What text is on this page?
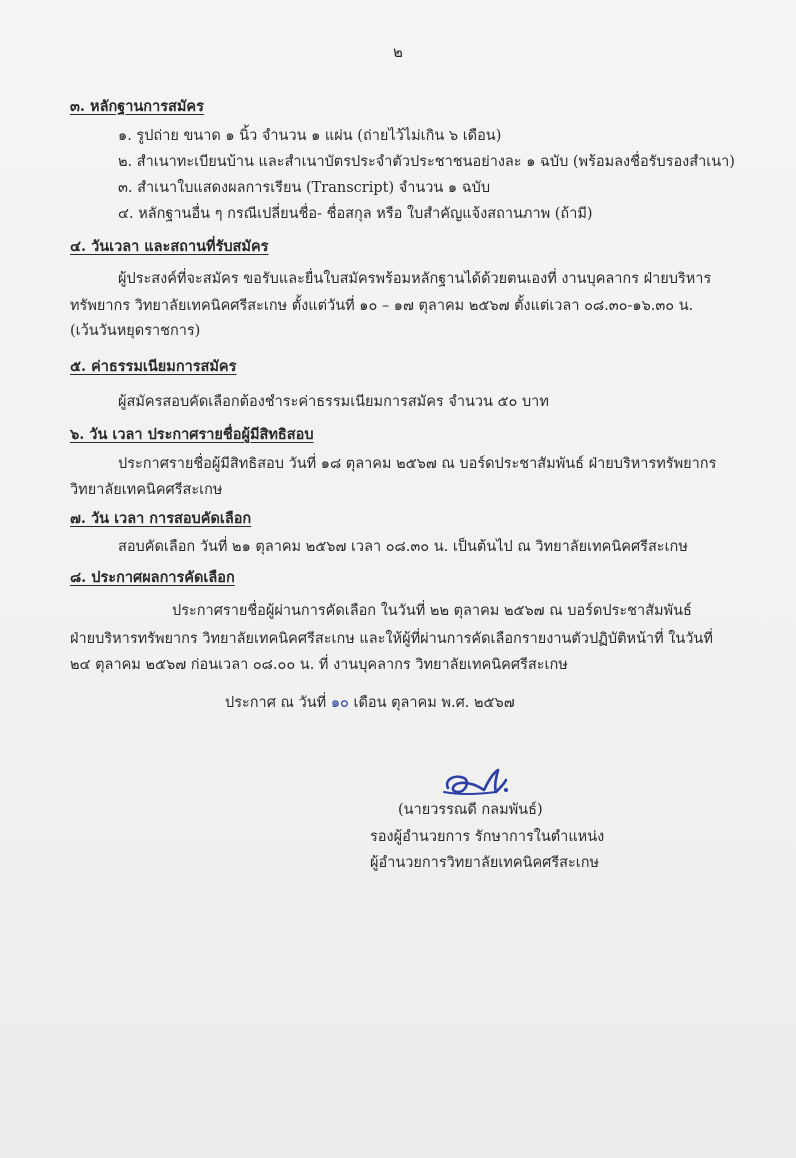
๒
๓. หลักฐานการสมัคร
๑. รูปถ่าย ขนาด ๑ นิ้ว จำนวน ๑ แผ่น (ถ่ายไว้ไม่เกิน ๖ เดือน)
๒. สำเนาทะเบียนบ้าน และสำเนาบัตรประจำตัวประชาชนอย่างละ ๑ ฉบับ (พร้อมลงชื่อรับรองสำเนา)
๓. สำเนาใบแสดงผลการเรียน (Transcript) จำนวน ๑ ฉบับ
๔. หลักฐานอื่น ๆ กรณีเปลี่ยนชื่อ- ชื่อสกุล หรือ ใบสำคัญแจ้งสถานภาพ (ถ้ามี)
๔. วันเวลา และสถานที่รับสมัคร
ผู้ประสงค์ที่จะสมัคร ขอรับและยื่นใบสมัครพร้อมหลักฐานได้ด้วยตนเองที่ งานบุคลากร ฝ่ายบริหาร
ทรัพยากร วิทยาลัยเทคนิคศรีสะเกษ ตั้งแต่วันที่ ๑๐ – ๑๗ ตุลาคม ๒๕๖๗ ตั้งแต่เวลา ๐๘.๓๐-๑๖.๓๐ น.
(เว้นวันหยุดราชการ)
๕. ค่าธรรมเนียมการสมัคร
ผู้สมัครสอบคัดเลือกต้องชำระค่าธรรมเนียมการสมัคร จำนวน ๕๐ บาท
๖. วัน เวลา ประกาศรายชื่อผู้มีสิทธิสอบ
ประกาศรายชื่อผู้มีสิทธิสอบ วันที่ ๑๘ ตุลาคม ๒๕๖๗ ณ บอร์ดประชาสัมพันธ์ ฝ่ายบริหารทรัพยากร
วิทยาลัยเทคนิคศรีสะเกษ
๗. วัน เวลา การสอบคัดเลือก
สอบคัดเลือก วันที่ ๒๑ ตุลาคม ๒๕๖๗ เวลา ๐๘.๓๐ น. เป็นต้นไป ณ วิทยาลัยเทคนิคศรีสะเกษ
๘. ประกาศผลการคัดเลือก
ประกาศรายชื่อผู้ผ่านการคัดเลือก ในวันที่ ๒๒ ตุลาคม ๒๕๖๗ ณ บอร์ดประชาสัมพันธ์
ฝ่ายบริหารทรัพยากร วิทยาลัยเทคนิคศรีสะเกษ และให้ผู้ที่ผ่านการคัดเลือกรายงานตัวปฏิบัติหน้าที่ ในวันที่
๒๔ ตุลาคม ๒๕๖๗ ก่อนเวลา ๐๘.๐๐ น. ที่ งานบุคลากร วิทยาลัยเทคนิคศรีสะเกษ
ประกาศ ณ วันที่ ๑๐ เดือน ตุลาคม พ.ศ. ๒๕๖๗
(นายวรรณดี กลมพันธ์)
รองผู้อำนวยการ รักษาการในตำแหน่ง
ผู้อำนวยการวิทยาลัยเทคนิคศรีสะเกษ
